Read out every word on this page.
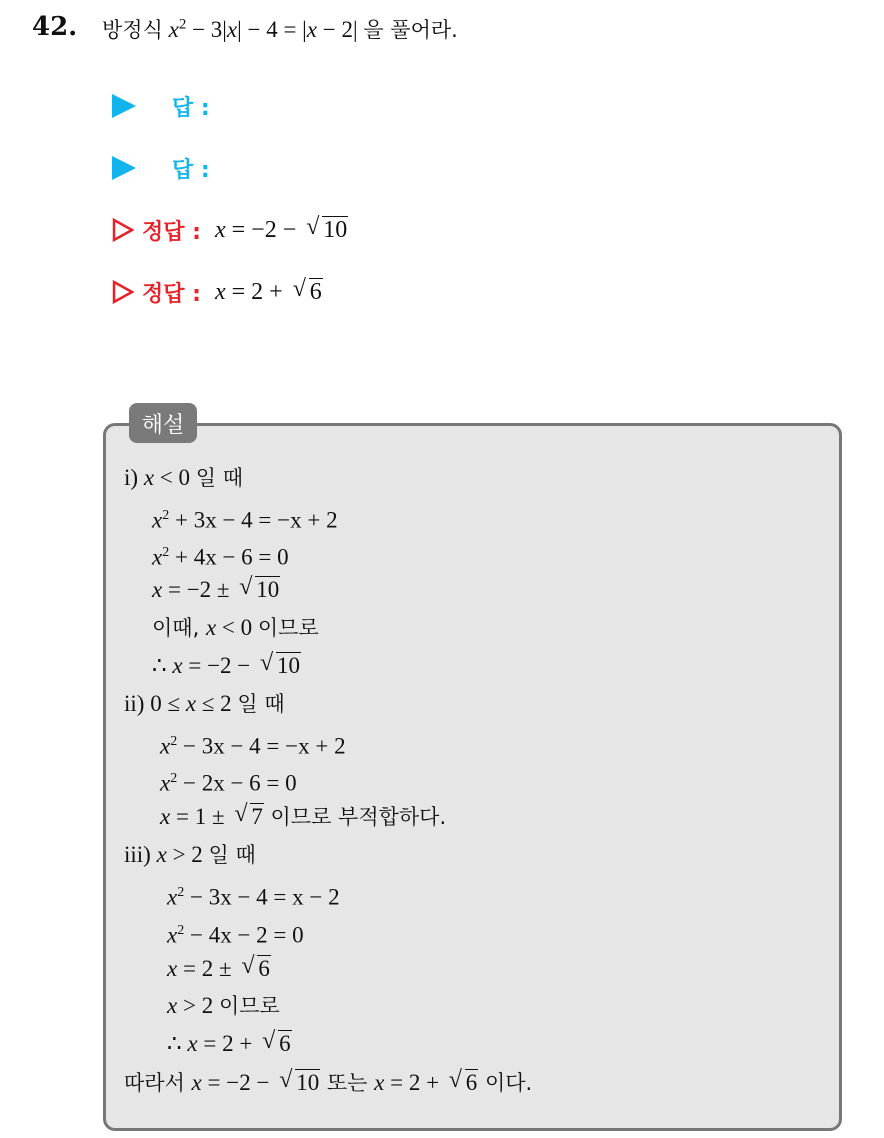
42. 방정식 $x^2 - 3|x| - 4 = |x - 2|$ 을 풀어라.
답 :
답 :
정답 : x = −2 − √ 10
정답 : x = 2 + √ 6
해설
i) x < 0 일 때
$x^2 + 3x - 4 = -x + 2$
$x^2 + 4x - 6 = 0$
x = −2 ± √ 10
이때, x < 0 이므로
∴ x = −2 − √ 10
ii) 0 ≤ x ≤ 2 일 때
$x^2 - 3x - 4 = -x + 2$
$x^2 - 2x - 6 = 0$
x = 1 ± √ 7 이므로 부적합하다.
iii) x > 2 일 때
$x^2 - 3x - 4 = x - 2$
$x^2 - 4x - 2 = 0$
x = 2 ± √ 6
x > 2 이므로
∴ x = 2 + √ 6
따라서 x = −2 − √ 10 또는 x = 2 + √ 6 이다.
